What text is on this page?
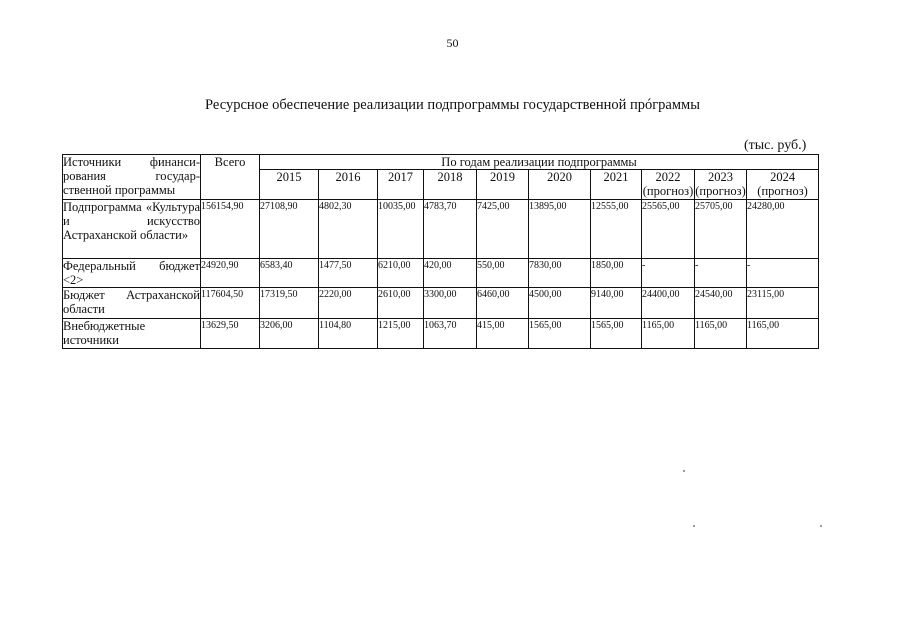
50
Ресурсное обеспечение реализации подпрограммы государственной прóграммы
(тыс. руб.)
Источники финанси-рования государ-ственной программы	Всего	По годам реализации подпрограммы									
		2015	2016	2017	2018	2019	2020	2021	2022 (прогноз)	2023 (прогноз)	2024 (прогноз)
Подпрограмма «Культура и искусство Астраханской области»	156154,90	27108,90	4802,30	10035,00	4783,70	7425,00	13895,00	12555,00	25565,00	25705,00	24280,00
Федеральный бюджет <2>	24920,90	6583,40	1477,50	6210,00	420,00	550,00	7830,00	1850,00	-	-	-
Бюджет Астраханской области	117604,50	17319,50	2220,00	2610,00	3300,00	6460,00	4500,00	9140,00	24400,00	24540,00	23115,00
Внебюджетные источники	13629,50	3206,00	1104,80	1215,00	1063,70	415,00	1565,00	1565,00	1165,00	1165,00	1165,00
